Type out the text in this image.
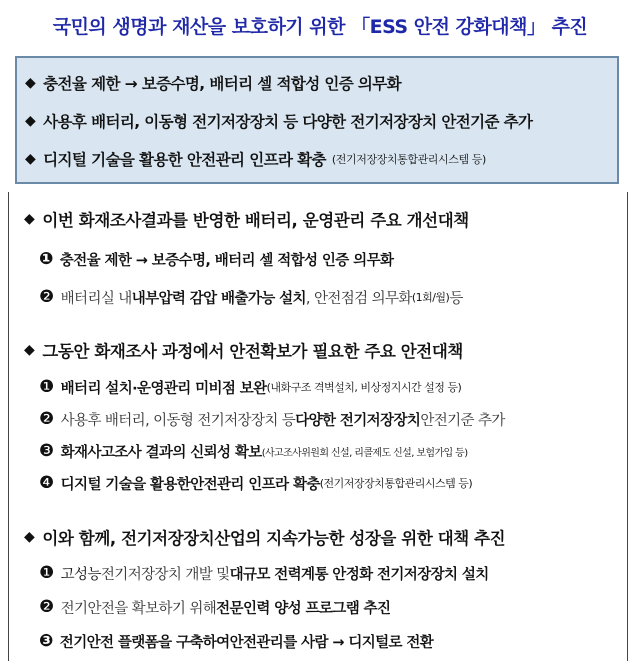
국민의 생명과 재산을 보호하기 위한 「ESS 안전 강화대책」 추진
◆ 충전율 제한 → 보증수명, 배터리 셀 적합성 인증 의무화
◆ 사용후 배터리, 이동형 전기저장장치 등 다양한 전기저장장치 안전기준 추가
◆ 디지털 기술을 활용한 안전관리 인프라 확충 (전기저장장치통합관리시스템 등)
◆ 이번 화재조사결과를 반영한 배터리, 운영관리 주요 개선대책
❶ 충전율 제한 → 보증수명, 배터리 셀 적합성 인증 의무화
❷ 배터리실 내 내부압력 감압 배출가능 설치 , 안전점검 의무화 (1회/월) 등
◆ 그동안 화재조사 과정에서 안전확보가 필요한 주요 안전대책
❶ 배터리 설치·운영관리 미비점 보완 (내화구조 격벽설치, 비상정지시간 설정 등)
❷ 사용후 배터리, 이동형 전기저장장치 등 다양한 전기저장장치 안전기준 추가
❸ 화재사고조사 결과의 신뢰성 확보 (사고조사위원회 신설, 리콜제도 신설, 보험가입 등)
❹ 디지털 기술을 활용한 안전관리 인프라 확충 (전기저장장치통합관리시스템 등)
◆ 이와 함께, 전기저장장치산업의 지속가능한 성장을 위한 대책 추진
❶ 고성능 전기저장장치 개발 및 대규모 전력계통 안정화 전기저장장치 설치
❷ 전기안전을 확보하기 위해 전문인력 양성 프로그램 추진
❸ 전기안전 플랫폼을 구축하여 안전관리를 사람 → 디지털로 전환
